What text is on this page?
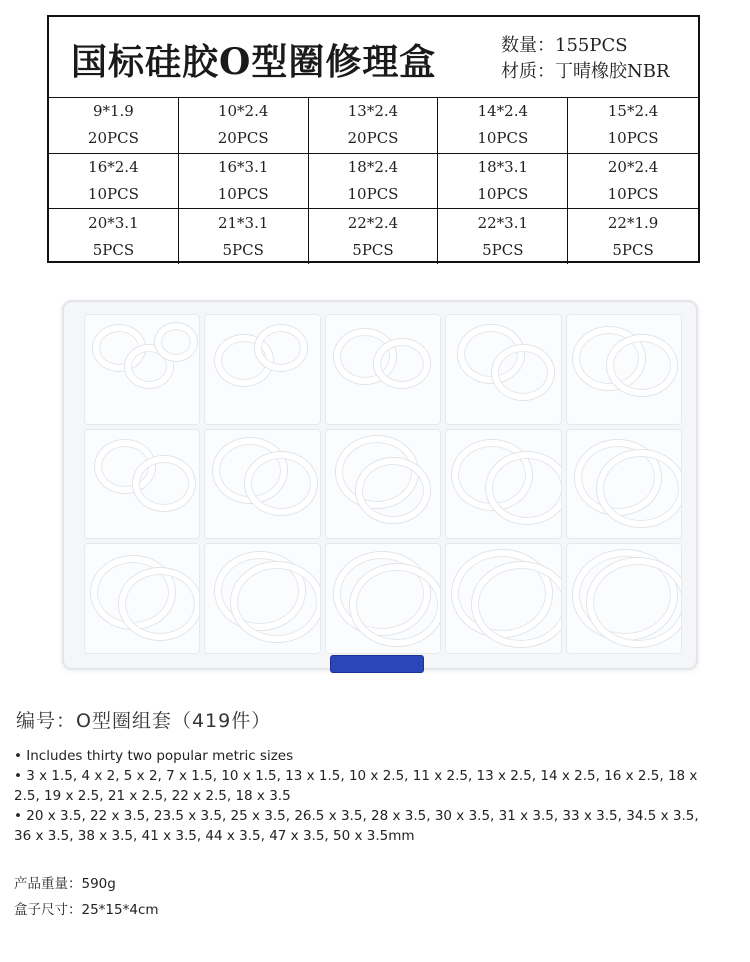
国标硅胶O型圈修理盒	数量：155PCS
材质：丁晴橡胶NBR
9*1.9
20PCS
10*2.4
20PCS
13*2.4
20PCS
14*2.4
10PCS
15*2.4
10PCS
16*2.4
10PCS
16*3.1
10PCS
18*2.4
10PCS
18*3.1
10PCS
20*2.4
10PCS
20*3.1
5PCS
21*3.1
5PCS
22*2.4
5PCS
22*3.1
5PCS
22*1.9
5PCS
编号：O型圈组套（419件）

• Includes thirty two popular metric sizes

• 3 x 1.5, 4 x 2, 5 x 2, 7 x 1.5, 10 x 1.5, 13 x 1.5, 10 x 2.5, 11 x 2.5, 13 x 2.5, 14 x 2.5, 16 x 2.5, 18 x 2.5, 19 x 2.5, 21 x 2.5, 22 x 2.5, 18 x 3.5

• 20 x 3.5, 22 x 3.5, 23.5 x 3.5, 25 x 3.5, 26.5 x 3.5, 28 x 3.5, 30 x 3.5, 31 x 3.5, 33 x 3.5, 34.5 x 3.5, 36 x 3.5, 38 x 3.5, 41 x 3.5, 44 x 3.5, 47 x 3.5, 50 x 3.5mm

产品重量：590g
盒子尺寸：25*15*4cm
